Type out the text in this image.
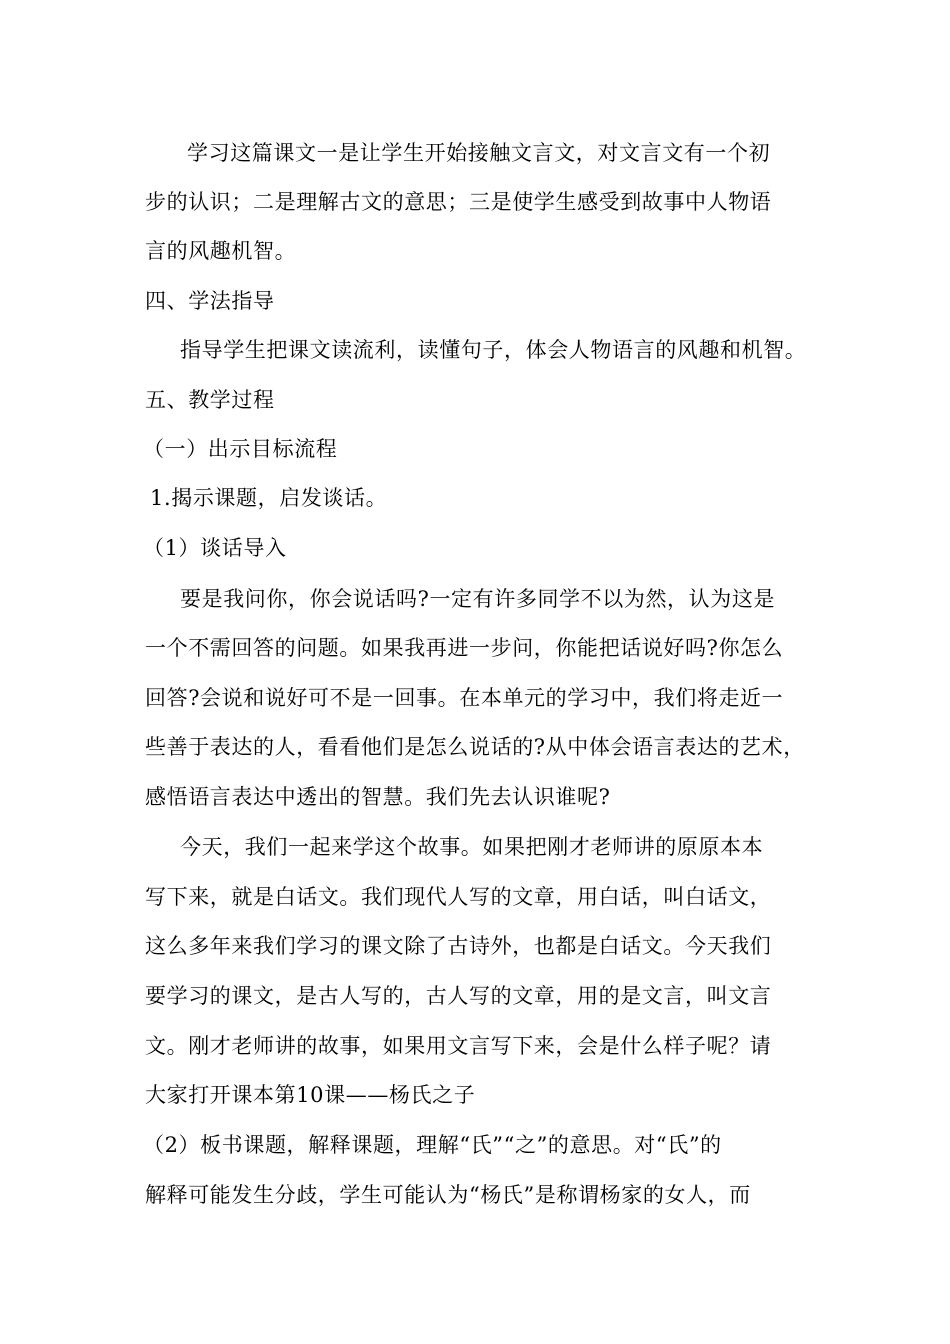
学习这篇课文一是让学生开始接触文言文，对文言文有一个初
步的认识；二是理解古文的意思；三是使学生感受到故事中人物语
言的风趣机智。
四、学法指导
指导学生把课文读流利，读懂句子，体会人物语言的风趣和机智。
五、教学过程
（一）出示目标流程
1.揭示课题，启发谈话。
（1）谈话导入
要是我问你，你会说话吗?一定有许多同学不以为然，认为这是
一个不需回答的问题。如果我再进一步问，你能把话说好吗?你怎么
回答?会说和说好可不是一回事。在本单元的学习中，我们将走近一
些善于表达的人，看看他们是怎么说话的?从中体会语言表达的艺术，
感悟语言表达中透出的智慧。我们先去认识谁呢?
今天，我们一起来学这个故事。如果把刚才老师讲的原原本本
写下来，就是白话文。我们现代人写的文章，用白话，叫白话文，
这么多年来我们学习的课文除了古诗外，也都是白话文。今天我们
要学习的课文，是古人写的，古人写的文章，用的是文言，叫文言
文。刚才老师讲的故事，如果用文言写下来，会是什么样子呢？请
大家打开课本第10课——杨氏之子
（2）板书课题，解释课题，理解“氏”“之”的意思。对“氏”的
解释可能发生分歧，学生可能认为“杨氏”是称谓杨家的女人，而
